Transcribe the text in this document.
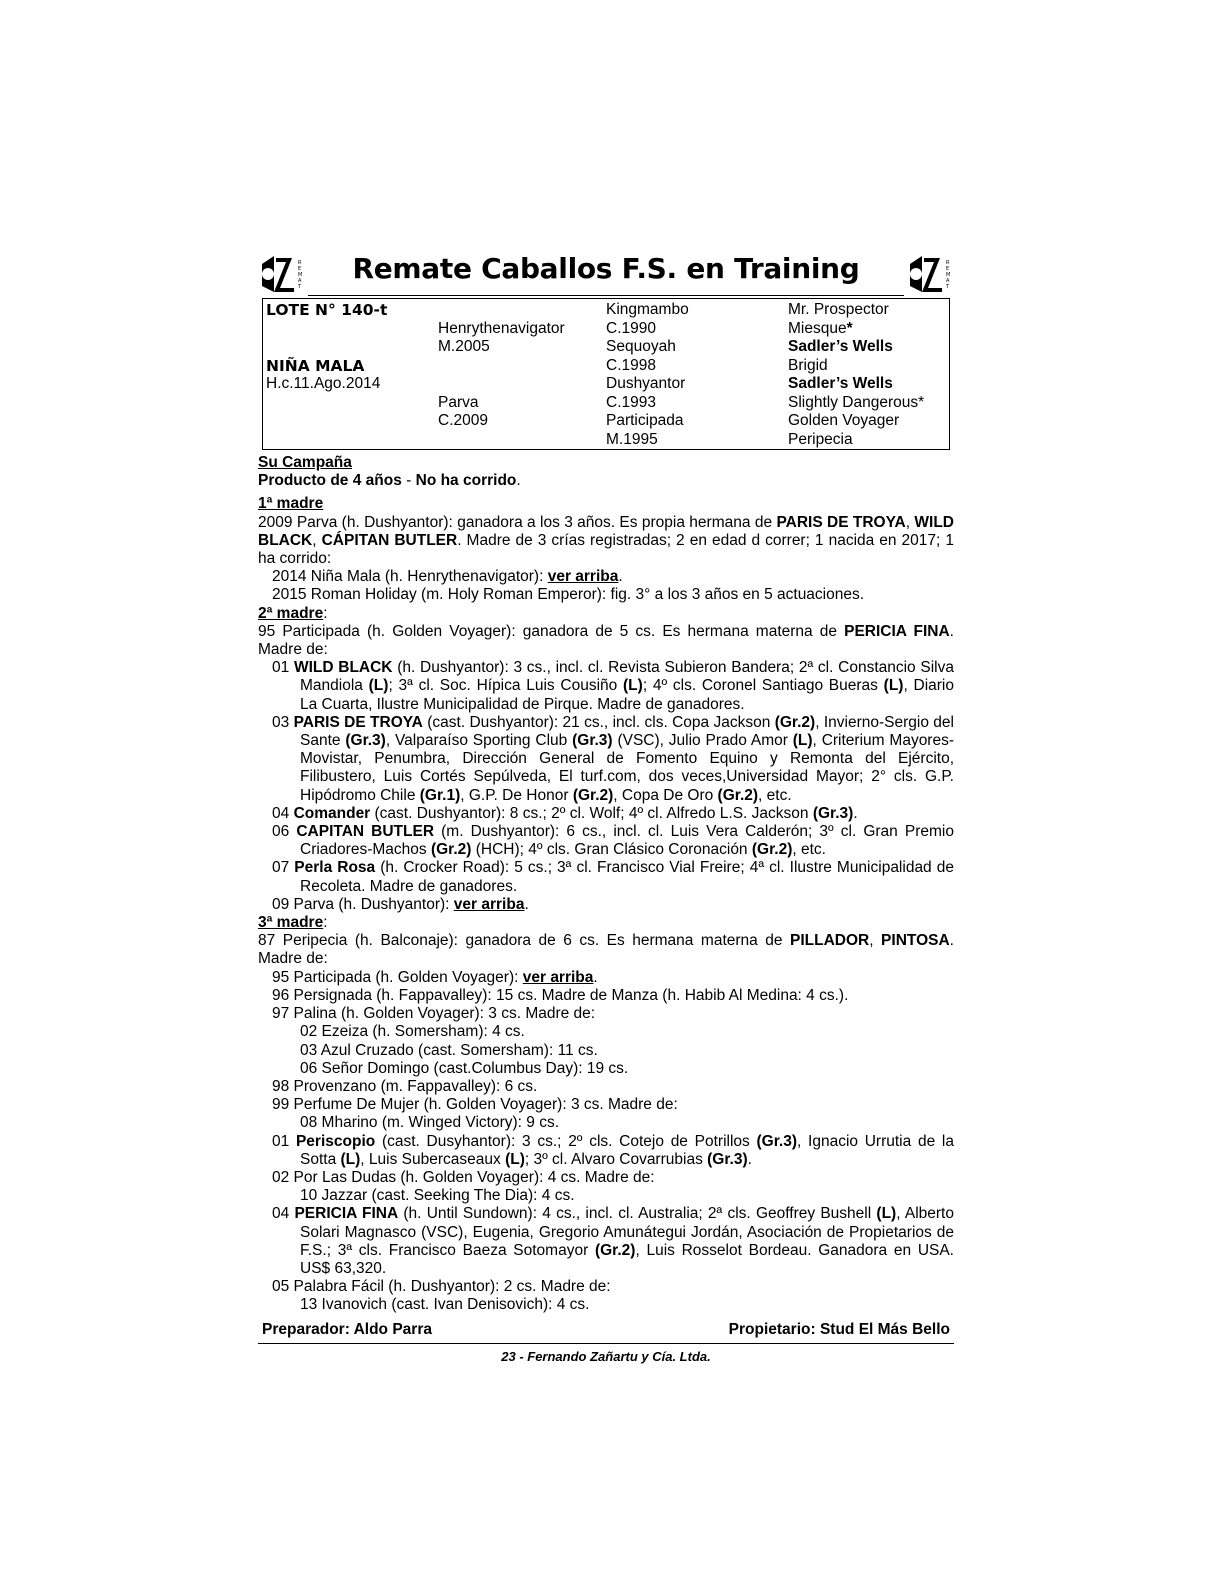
R
E
M
A
T
Remate Caballos F.S. en Training	R
E
M
A
T
LOTE N° 140-t
NIÑA MALA
H.c.11.Ago.2014
Henrythenavigator
M.2005
Parva
C.2009
Kingmambo
C.1990
Sequoyah
C.1998
Dushyantor
C.1993
Participada
M.1995
Mr. Prospector
Miesque*
Sadler’s Wells
Brigid
Sadler’s Wells
Slightly Dangerous*
Golden Voyager
Peripecia
Su Campaña
Producto de 4 años - No ha corrido.
1ª madre
2009 Parva (h. Dushyantor): ganadora a los 3 años. Es propia hermana de PARIS DE TROYA, WILD BLACK, CÁPITAN BUTLER. Madre de 3 crías registradas; 2 en edad d correr; 1 nacida en 2017; 1 ha corrido:
2014 Niña Mala (h. Henrythenavigator): ver arriba.
2015 Roman Holiday (m. Holy Roman Emperor): fig. 3° a los 3 años en 5 actuaciones.
2ª madre:
95 Participada (h. Golden Voyager): ganadora de 5 cs. Es hermana materna de PERICIA FINA. Madre de:
01 WILD BLACK (h. Dushyantor): 3 cs., incl. cl. Revista Subieron Bandera; 2ª cl. Constancio Silva Mandiola (L); 3ª cl. Soc. Hípica Luis Cousiño (L); 4º cls. Coronel Santiago Bueras (L), Diario La Cuarta, Ilustre Municipalidad de Pirque. Madre de ganadores.
03 PARIS DE TROYA (cast. Dushyantor): 21 cs., incl. cls. Copa Jackson (Gr.2), Invierno-Sergio del Sante (Gr.3), Valparaíso Sporting Club (Gr.3) (VSC), Julio Prado Amor (L), Criterium Mayores-Movistar, Penumbra, Dirección General de Fomento Equino y Remonta del Ejército, Filibustero, Luis Cortés Sepúlveda, El turf.com, dos veces,Universidad Mayor; 2° cls. G.P. Hipódromo Chile (Gr.1), G.P. De Honor (Gr.2), Copa De Oro (Gr.2), etc.
04 Comander (cast. Dushyantor): 8 cs.; 2º cl. Wolf; 4º cl. Alfredo L.S. Jackson (Gr.3).
06 CAPITAN BUTLER (m. Dushyantor): 6 cs., incl. cl. Luis Vera Calderón; 3º cl. Gran Premio Criadores-Machos (Gr.2) (HCH); 4º cls. Gran Clásico Coronación (Gr.2), etc.
07 Perla Rosa (h. Crocker Road): 5 cs.; 3ª cl. Francisco Vial Freire; 4ª cl. Ilustre Municipalidad de Recoleta. Madre de ganadores.
09 Parva (h. Dushyantor): ver arriba.
3ª madre:
87 Peripecia (h. Balconaje): ganadora de 6 cs. Es hermana materna de PILLADOR, PINTOSA. Madre de:
95 Participada (h. Golden Voyager): ver arriba.
96 Persignada (h. Fappavalley): 15 cs. Madre de Manza (h. Habib Al Medina: 4 cs.).
97 Palina (h. Golden Voyager): 3 cs. Madre de:
02 Ezeiza (h. Somersham): 4 cs.
03 Azul Cruzado (cast. Somersham): 11 cs.
06 Señor Domingo (cast.Columbus Day): 19 cs.
98 Provenzano (m. Fappavalley): 6 cs.
99 Perfume De Mujer (h. Golden Voyager): 3 cs. Madre de:
08 Mharino (m. Winged Victory): 9 cs.
01 Periscopio (cast. Dusyhantor): 3 cs.; 2º cls. Cotejo de Potrillos (Gr.3), Ignacio Urrutia de la Sotta (L), Luis Subercaseaux (L); 3º cl. Alvaro Covarrubias (Gr.3).
02 Por Las Dudas (h. Golden Voyager): 4 cs. Madre de:
10 Jazzar (cast. Seeking The Dia): 4 cs.
04 PERICIA FINA (h. Until Sundown): 4 cs., incl. cl. Australia; 2ª cls. Geoffrey Bushell (L), Alberto Solari Magnasco (VSC), Eugenia, Gregorio Amunátegui Jordán, Asociación de Propietarios de F.S.; 3ª cls. Francisco Baeza Sotomayor (Gr.2), Luis Rosselot Bordeau. Ganadora en USA. US$ 63,320.
05 Palabra Fácil (h. Dushyantor): 2 cs. Madre de:
13 Ivanovich (cast. Ivan Denisovich): 4 cs.
Preparador: Aldo Parra	Propietario: Stud El Más Bello
23 - Fernando Zañartu y Cía. Ltda.
